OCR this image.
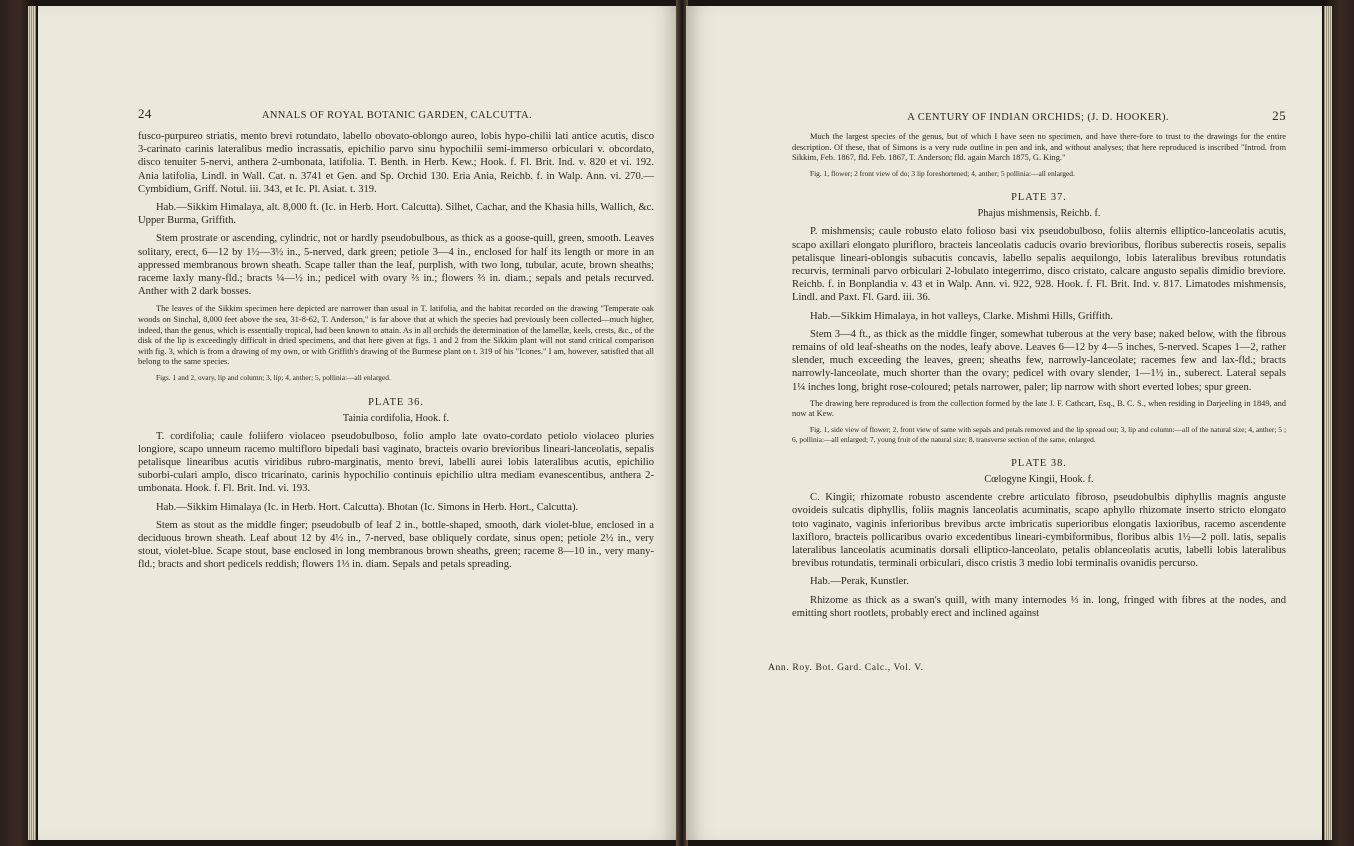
24	ANNALS OF ROYAL BOTANIC GARDEN, CALCUTTA.

fusco-purpureo striatis, mento brevi rotundato, labello obovato-oblongo aureo, lobis hypo-chilii lati antice acutis, disco 3-carinato carinis lateralibus medio incrassatis, epichilio parvo sinu hypochilii semi-immerso orbiculari v. obcordato, disco tenuiter 5-nervi, anthera 2-umbonata, latifolia. T. Benth. in Herb. Kew.; Hook. f. Fl. Brit. Ind. v. 820 et vi. 192. Ania latifolia, Lindl. in Wall. Cat. n. 3741 et Gen. and Sp. Orchid 130. Eria Ania, Reichb. f. in Walp. Ann. vi. 270.—Cymbidium, Griff. Notul. iii. 343, et Ic. Pl. Asiat. t. 319.

Hab.—Sikkim Himalaya, alt. 8,000 ft. (Ic. in Herb. Hort. Calcutta). Silhet, Cachar, and the Khasia hills, Wallich, &c. Upper Burma, Griffith.

Stem prostrate or ascending, cylindric, not or hardly pseudobulbous, as thick as a goose-quill, green, smooth. Leaves solitary, erect, 6—12 by 1½—3½ in., 5-nerved, dark green; petiole 3—4 in., enclosed for half its length or more in an appressed membranous brown sheath. Scape taller than the leaf, purplish, with two long, tubular, acute, brown sheaths; raceme laxly many-fld.; bracts ¼—½ in.; pedicel with ovary ⅔ in.; flowers ⅔ in. diam.; sepals and petals recurved. Anther with 2 dark bosses.

The leaves of the Sikkim specimen here depicted are narrower than usual in T. latifolia, and the habitat recorded on the drawing "Temperate oak woods on Sinchal, 8,000 feet above the sea, 31-8-62, T. Anderson," is far above that at which the species had previously been collected—much higher, indeed, than the genus, which is essentially tropical, had been known to attain. As in all orchids the determination of the lamellæ, keels, crests, &c., of the disk of the lip is exceedingly difficult in dried specimens, and that here given at figs. 1 and 2 from the Sikkim plant will not stand critical comparison with fig. 3, which is from a drawing of my own, or with Griffith's drawing of the Burmese plant on t. 319 of his "Icones." I am, however, satisfied that all belong to the same species.

Figs. 1 and 2, ovary, lip and column; 3, lip; 4, anther; 5, pollinia:—all enlarged.

PLATE 36.
Tainia cordifolia, Hook. f.

T. cordifolia; caule foliifero violaceo pseudobulboso, folio amplo late ovato-cordato petiolo violaceo pluries longiore, scapo unneum racemo multifloro bipedali basi vaginato, bracteis ovario brevioribus lineari-lanceolatis, sepalis petalisque linearibus acutis viridibus rubro-marginatis, mento brevi, labelli aurei lobis lateralibus acutis, epichilio suborbi-culari amplo, disco tricarinato, carinis hypochilio continuis epichilio ultra mediam evanescentibus, anthera 2-umbonata. Hook. f. Fl. Brit. Ind. vi. 193.

Hab.—Sikkim Himalaya (Ic. in Herb. Hort. Calcutta). Bhotan (Ic. Simons in Herb. Hort., Calcutta).

Stem as stout as the middle finger; pseudobulb of leaf 2 in., bottle-shaped, smooth, dark violet-blue, enclosed in a deciduous brown sheath. Leaf about 12 by 4½ in., 7-nerved, base obliquely cordate, sinus open; petiole 2½ in., very stout, violet-blue. Scape stout, base enclosed in long membranous brown sheaths, green; raceme 8—10 in., very many-fld.; bracts and short pedicels reddish; flowers 1⅓ in. diam. Sepals and petals spreading.

A CENTURY OF INDIAN ORCHIDS; (J. D. HOOKER).	25

Much the largest species of the genus, but of which I have seen no specimen, and have there-fore to trust to the drawings for the entire description. Of these, that of Simons is a very rude outline in pen and ink, and without analyses; that here reproduced is inscribed "Introd. from Sikkim, Feb. 1867, fld. Feb. 1867, T. Anderson; fld. again March 1875, G. King."

Fig. 1, flower; 2 front view of do; 3 lip foreshortened; 4, anther; 5 pollinia:—all enlarged.

PLATE 37.
Phajus mishmensis, Reichb. f.

P. mishmensis; caule robusto elato folioso basi vix pseudobulboso, foliis alternis elliptico-lanceolatis acutis, scapo axillari elongato plurifloro, bracteis lanceolatis caducis ovario brevioribus, floribus suberectis roseis, sepalis petalisque lineari-oblongis subacutis concavis, labello sepalis aequilongo, lobis lateralibus brevibus rotundatis recurvis, terminali parvo orbiculari 2-lobulato integerrimo, disco cristato, calcare angusto sepalis dimidio breviore. Reichb. f. in Bonplandia v. 43 et in Walp. Ann. vi. 922, 928. Hook. f. Fl. Brit. Ind. v. 817. Limatodes mishmensis, Lindl. and Paxt. Fl. Gard. iii. 36.

Hab.—Sikkim Himalaya, in hot valleys, Clarke. Mishmi Hills, Griffith.

Stem 3—4 ft., as thick as the middle finger, somewhat tuberous at the very base; naked below, with the fibrous remains of old leaf-sheaths on the nodes, leafy above. Leaves 6—12 by 4—5 inches, 5-nerved. Scapes 1—2, rather slender, much exceeding the leaves, green; sheaths few, narrowly-lanceolate; racemes few and lax-fld.; bracts narrowly-lanceolate, much shorter than the ovary; pedicel with ovary slender, 1—1½ in., suberect. Lateral sepals 1¼ inches long, bright rose-coloured; petals narrower, paler; lip narrow with short everted lobes; spur green.

The drawing here reproduced is from the collection formed by the late J. F. Cathcart, Esq., B. C. S., when residing in Darjeeling in 1849, and now at Kew.

Fig. 1, side view of flower; 2, front view of same with sepals and petals removed and the lip spread out; 3, lip and column:—all of the natural size; 4, anther; 5 ; 6, pollinia:—all enlarged; 7, young fruit of the natural size; 8, transverse section of the same, enlarged.

PLATE 38.
Cœlogyne Kingii, Hook. f.

C. Kingii; rhizomate robusto ascendente crebre articulato fibroso, pseudobulbis diphyllis magnis anguste ovoideis sulcatis diphyllis, foliis magnis lanceolatis acuminatis, scapo aphyllo rhizomate inserto stricto elongato toto vaginato, vaginis inferioribus brevibus arcte imbricatis superioribus elongatis laxioribus, racemo ascendente laxifloro, bracteis pollicaribus ovario excedentibus lineari-cymbiformibus, floribus albis 1½—2 poll. latis, sepalis lateralibus lanceolatis acuminatis dorsali elliptico-lanceolato, petalis oblanceolatis acutis, labelli lobis lateralibus brevibus rotundatis, terminali orbiculari, disco cristis 3 medio lobi terminalis ovanidis percurso.

Hab.—Perak, Kunstler.

Rhizome as thick as a swan's quill, with many internodes ⅓ in. long, fringed with fibres at the nodes, and emitting short rootlets, probably erect and inclined against

Ann. Roy. Bot. Gard. Calc., Vol. V.
